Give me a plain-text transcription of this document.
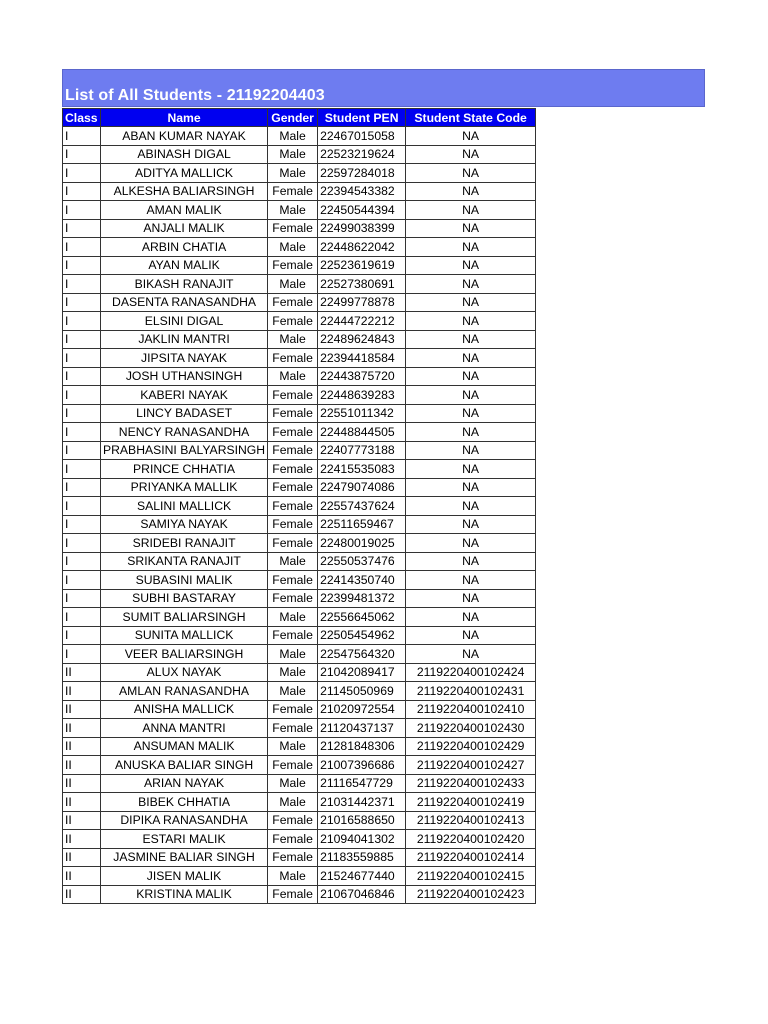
List of All Students - 21192204403
Class	Name	Gender	Student PEN	Student State Code
I	ABAN KUMAR NAYAK	Male	22467015058	NA
I	ABINASH DIGAL	Male	22523219624	NA
I	ADITYA MALLICK	Male	22597284018	NA
I	ALKESHA BALIARSINGH	Female	22394543382	NA
I	AMAN MALIK	Male	22450544394	NA
I	ANJALI MALIK	Female	22499038399	NA
I	ARBIN CHATIA	Male	22448622042	NA
I	AYAN MALIK	Female	22523619619	NA
I	BIKASH RANAJIT	Male	22527380691	NA
I	DASENTA RANASANDHA	Female	22499778878	NA
I	ELSINI DIGAL	Female	22444722212	NA
I	JAKLIN MANTRI	Male	22489624843	NA
I	JIPSITA NAYAK	Female	22394418584	NA
I	JOSH UTHANSINGH	Male	22443875720	NA
I	KABERI NAYAK	Female	22448639283	NA
I	LINCY BADASET	Female	22551011342	NA
I	NENCY RANASANDHA	Female	22448844505	NA
I	PRABHASINI BALYARSINGH	Female	22407773188	NA
I	PRINCE CHHATIA	Female	22415535083	NA
I	PRIYANKA MALLIK	Female	22479074086	NA
I	SALINI MALLICK	Female	22557437624	NA
I	SAMIYA NAYAK	Female	22511659467	NA
I	SRIDEBI RANAJIT	Female	22480019025	NA
I	SRIKANTA RANAJIT	Male	22550537476	NA
I	SUBASINI MALIK	Female	22414350740	NA
I	SUBHI BASTARAY	Female	22399481372	NA
I	SUMIT BALIARSINGH	Male	22556645062	NA
I	SUNITA MALLICK	Female	22505454962	NA
I	VEER BALIARSINGH	Male	22547564320	NA
II	ALUX NAYAK	Male	21042089417	2119220400102424
II	AMLAN RANASANDHA	Male	21145050969	2119220400102431
II	ANISHA MALLICK	Female	21020972554	2119220400102410
II	ANNA MANTRI	Female	21120437137	2119220400102430
II	ANSUMAN MALIK	Male	21281848306	2119220400102429
II	ANUSKA BALIAR SINGH	Female	21007396686	2119220400102427
II	ARIAN NAYAK	Male	21116547729	2119220400102433
II	BIBEK CHHATIA	Male	21031442371	2119220400102419
II	DIPIKA RANASANDHA	Female	21016588650	2119220400102413
II	ESTARI MALIK	Female	21094041302	2119220400102420
II	JASMINE BALIAR SINGH	Female	21183559885	2119220400102414
II	JISEN MALIK	Male	21524677440	2119220400102415
II	KRISTINA MALIK	Female	21067046846	2119220400102423
